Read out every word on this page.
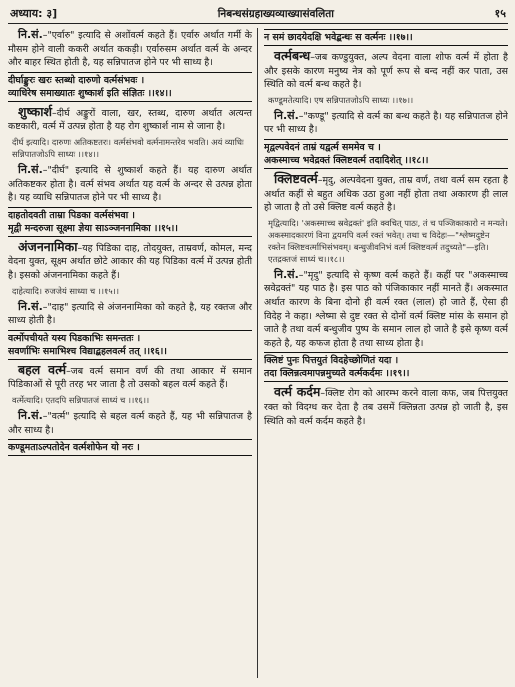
अध्याय: ३]	निबन्धसंग्रहाख्यव्याख्यासंवलिता	१५
नि.सं.–"एर्वारु" इत्यादि से अशोंवर्त्म कहते हैं। एर्वारु अर्थात गर्मी के मौसम होने वाली ककरी अर्थात ककड़ी। एर्वारुसम अर्थात वर्त्म के अन्दर और बाहर स्थित होती है, यह सन्निपातज होने पर भी साध्य है।
दीर्घाङ्कुरः खरः स्तब्धो दारुणो वर्त्मसंभवः ।
व्याधिरेष समाख्यातः शुष्कार्श इति संज्ञितः ।।१४।।
शुष्कार्श–दीर्घ अङ्कुरों वाला, खर, स्तब्ध, दारुण अर्थात अत्यन्त कष्टकारी, वर्त्म में उत्पन्न होता है यह रोग शुष्कार्श नाम से जाना है।
दीर्घ इत्यादि। दारुणः अतिकष्टतरः। वर्त्मसंभवो वर्त्मनामन्तरेव भवति। अयं व्याधिः सन्निपातजोऽपि साध्यः ।।१४।।
नि.सं.–"दीर्घ" इत्यादि से शुष्कार्श कहते हैं। यह दारुण अर्थात अतिकष्टकर होता है। वर्त्म संभव अर्थात यह वर्त्म के अन्दर से उत्पन्न होता है। यह व्याधि सन्निपातज होने पर भी साध्य है।
दाहतोदवती ताम्रा पिडका वर्त्मसंभवा ।
मृद्वी मन्दरुजा सूक्ष्मा ज्ञेया साऽञ्जननामिका ।।१५।।
अंजननामिका–यह पिडिका दाह, तोदयुक्त, ताम्रवर्ण, कोमल, मन्द वेदना युक्त, सूक्ष्म अर्थात छोटे आकार की यह पिडिका वर्त्म में उत्पन्न होती है। इसको अंजननामिका कहते हैं।
दाहेत्यादि। रुजजेयं साध्या च ।।१५।।
नि.सं.–"दाह" इत्यादि से अंजननामिका को कहते है, यह रक्तज और साध्य होती है।
वर्त्मोपचीयते यस्य पिडकाभिः समन्ततः ।
सवर्णाभिः समाभिश्च विद्याद्बहलवर्त्म तत् ।।१६।।
बहल वर्त्म–जब वर्त्म समान वर्ण की तथा आकार में समान पिडिकाओं से पूरी तरह भर जाता है तो उसको बहल वर्त्म कहते हैं।
वर्त्मेत्यादि। एतदपि सन्निपातजं साध्यं च ।।१६।।
नि.सं.–"वर्त्म" इत्यादि से बहल वर्त्म कहते हैं, यह भी सन्निपातज है और साध्य है।
कण्डूमताऽल्पतोदेन वर्त्मशोफेन यो नरः ।
न समं छादयेदक्षि भवेद्बन्धः स वर्त्मनः ।।१७।।
वर्त्मबन्ध–जब कण्डुयुक्त, अल्प वेदना वाला शोफ वर्त्म में होता है और इसके कारण मनुष्य नेत्र को पूर्ण रूप से बन्द नहीं कर पाता, उस स्थिति को वर्त्म बन्ध कहते है।
कण्डूमतेत्यादि। एष सन्निपातजोऽपि साध्यः ।।१७।।
नि.सं.–"कण्डू" इत्यादि से वर्त्म का बन्ध कहते है। यह सन्निपातज होने पर भी साध्य है।
मृद्वल्पवेदनं ताम्रं यद्वर्त्म सममेव च ।
अकस्माच्च भवेद्रक्तं क्लिष्टवर्त्म तदादिशेत् ।।१८।।
क्लिष्टवर्त्म–मृदु, अल्पवेदना युक्त, ताम्र वर्ण, तथा वर्त्म सम रहता है अर्थात कहीं से बहुत अधिक उठा हुआ नहीं होता तथा अकारण ही लाल हो जाता है तो उसे क्लिष्ट वर्त्म कहते है।
मृद्वित्यादि। 'अकस्माच्च स्रवेद्रक्तं' इति क्वचित् पाठः, तं च पञ्जिकाकारो न मन्यते। अकस्मादकारणं विना द्वयमपि वर्त्म रक्तं भवेत्। तथा च विदेहः—"श्लेष्मदुष्टेन रक्तेन क्लिष्टवर्त्माभिसंभवम्। बन्धुजीवनिभं वर्त्म क्लिष्टवर्त्म तदुच्यते"—इति। एतद्रक्तजं साध्यं च।।१८।।
नि.सं.–"मृदु" इत्यादि से कृष्ण वर्त्म कहते हैं। कहीं पर "अकस्माच्च स्रवेद्रक्तं" यह पाठ है। इस पाठ को पंजिकाकार नहीं मानते हैं। अकस्मात अर्थात कारण के बिना दोनो ही वर्त्म रक्त (लाल) हो जाते हैं, ऐसा ही विदेह ने कहा। श्लेष्मा से दुष्ट रक्त से दोनों वर्त्म क्लिष्ट मांस के समान हो जाते है तथा वर्त्म बन्धुजीव पुष्प के समान लाल हो जाते है इसे कृष्ण वर्त्म कहते है, यह कफज होता है तथा साध्य होता है।
क्लिष्टं पुनः पित्तयुतं विदहेच्छोणितं यदा ।
तदा क्लिन्नत्वमापन्नमुच्यते वर्त्मकर्दमः ।।१९।।
वर्त्म कर्दम–क्लिष्ट रोग को आरम्भ करने वाला कफ, जब पित्तयुक्त रक्त को विदग्ध कर देता है तब उसमें क्लिन्नता उत्पन्न हो जाती है, इस स्थिति को वर्त्म कर्दम कहते है।
